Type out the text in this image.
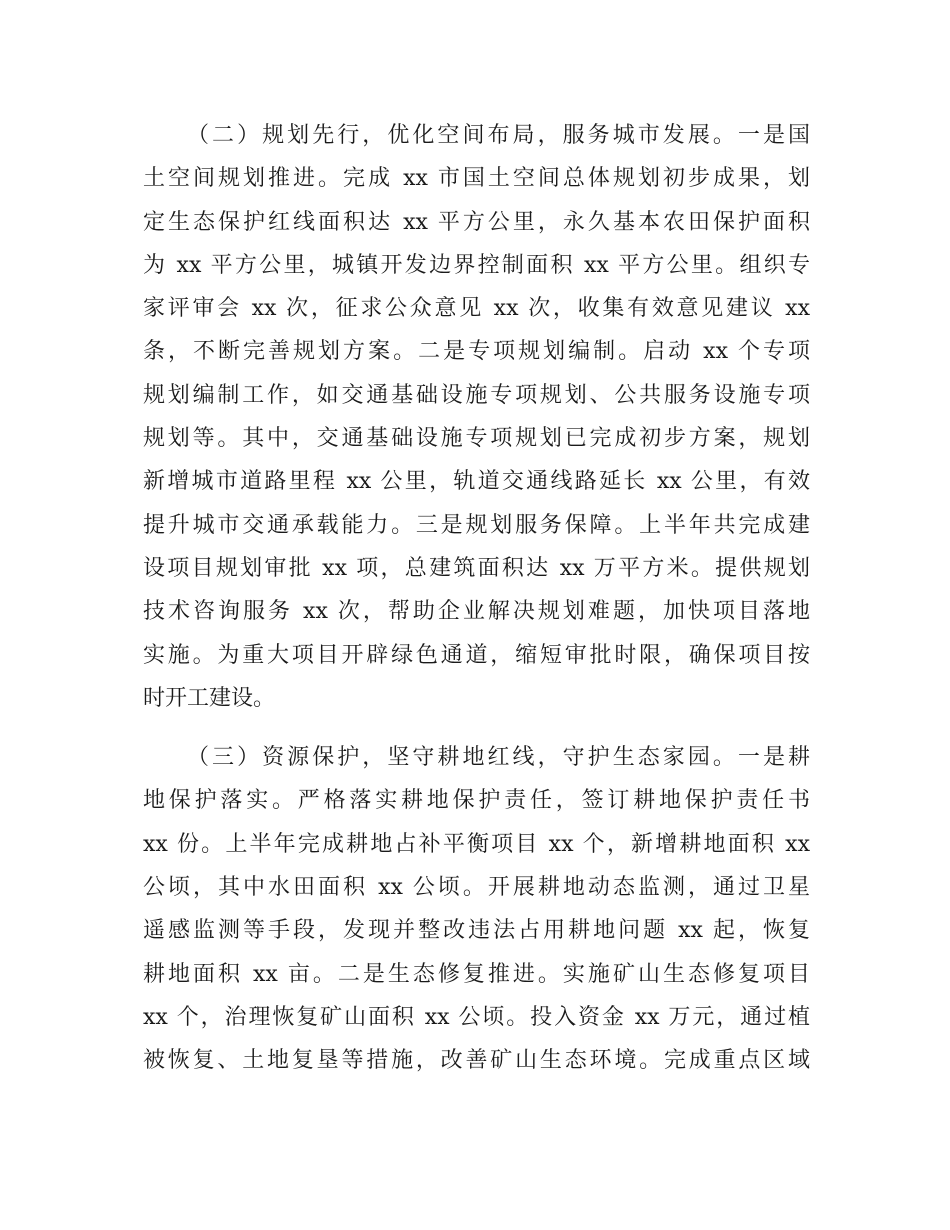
（二）规划先行，优化空间布局，服务城市发展。一是国
土空间规划推进。完成 xx 市国土空间总体规划初步成果，划
定生态保护红线面积达 xx 平方公里，永久基本农田保护面积
为 xx 平方公里，城镇开发边界控制面积 xx 平方公里。组织专
家评审会 xx 次，征求公众意见 xx 次，收集有效意见建议 xx
条，不断完善规划方案。二是专项规划编制。启动 xx 个专项
规划编制工作，如交通基础设施专项规划、公共服务设施专项
规划等。其中，交通基础设施专项规划已完成初步方案，规划
新增城市道路里程 xx 公里，轨道交通线路延长 xx 公里，有效
提升城市交通承载能力。三是规划服务保障。上半年共完成建
设项目规划审批 xx 项，总建筑面积达 xx 万平方米。提供规划
技术咨询服务 xx 次，帮助企业解决规划难题，加快项目落地
实施。为重大项目开辟绿色通道，缩短审批时限，确保项目按
时开工建设。
（三）资源保护，坚守耕地红线，守护生态家园。一是耕
地保护落实。严格落实耕地保护责任，签订耕地保护责任书
xx 份。上半年完成耕地占补平衡项目 xx 个，新增耕地面积 xx
公顷，其中水田面积 xx 公顷。开展耕地动态监测，通过卫星
遥感监测等手段，发现并整改违法占用耕地问题 xx 起，恢复
耕地面积 xx 亩。二是生态修复推进。实施矿山生态修复项目
xx 个，治理恢复矿山面积 xx 公顷。投入资金 xx 万元，通过植
被恢复、土地复垦等措施，改善矿山生态环境。完成重点区域
